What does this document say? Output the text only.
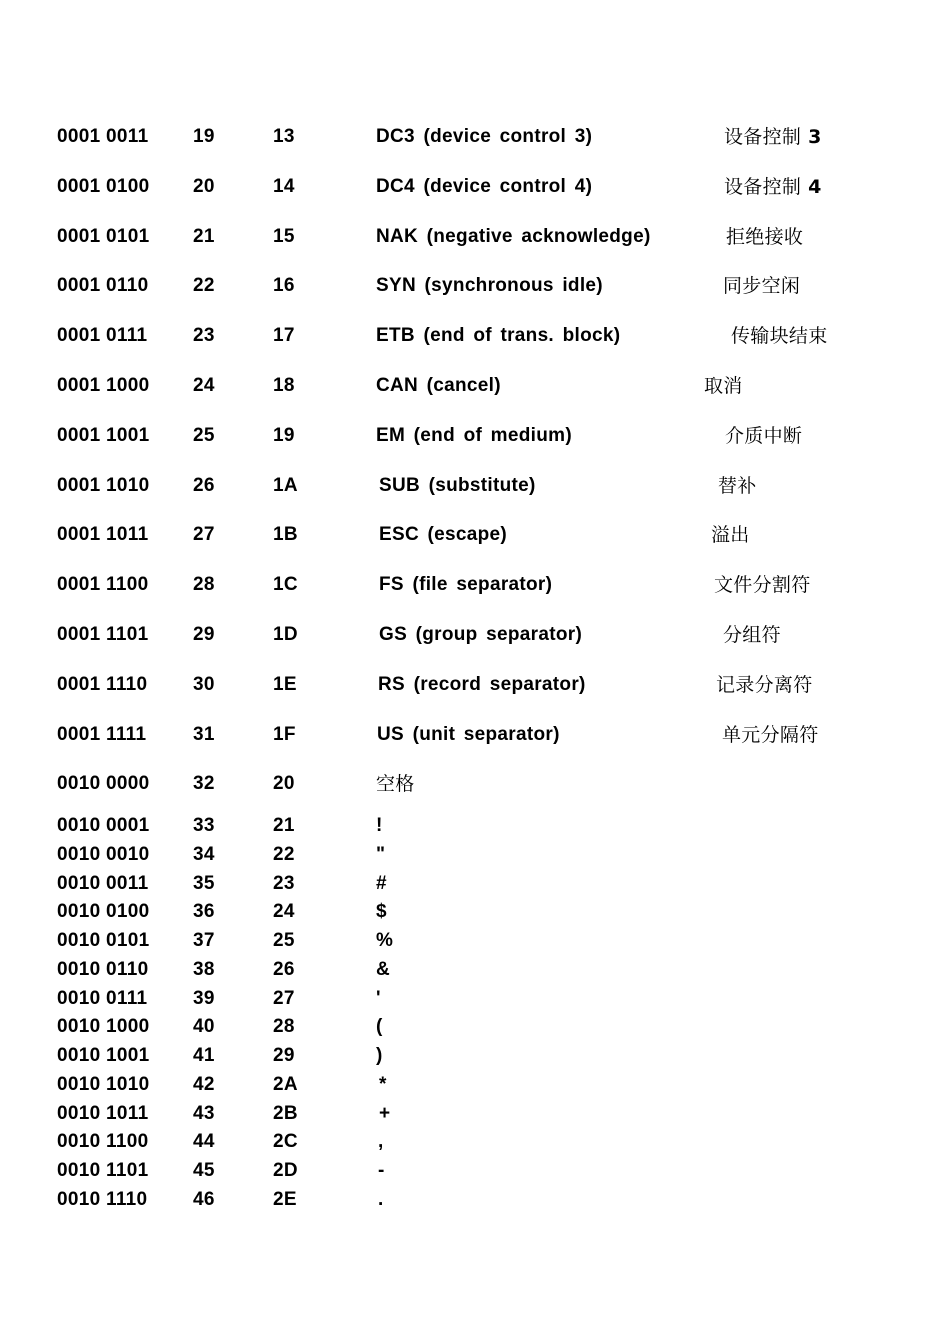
0001 0011 19	13	DC3 (device control 3)	设备控制 3
0001 0100 20	14	DC4 (device control 4)	设备控制 4
0001 0101 21	15	NAK (negative acknowledge)	拒绝接收
0001 0110 22	16	SYN (synchronous idle)	同步空闲
0001 0111 23	17	ETB (end of trans. block)	传输块结束
0001 1000 24	18	CAN (cancel)	取消
0001 1001 25	19	EM (end of medium)	介质中断
0001 1010 26	1A	SUB (substitute)	替补
0001 1011 27	1B	ESC (escape)	溢出
0001 1100 28	1C	FS (file separator)	文件分割符
0001 1101 29	1D	GS (group separator)	分组符
0001 1110 30	1E	RS (record separator)	记录分离符
0001 1111 31	1F	US (unit separator)	单元分隔符
0010 0000 32	20	空格
0010 0001 33	21	!
0010 0010 34	22	"
0010 0011 35	23	#
0010 0100 36	24	$
0010 0101 37	25	%
0010 0110 38	26	&
0010 0111 39	27	'
0010 1000 40	28	(
0010 1001 41	29	)
0010 1010 42	2A	*
0010 1011 43	2B	+
0010 1100 44	2C	,
0010 1101 45	2D	-
0010 1110 46	2E	.
